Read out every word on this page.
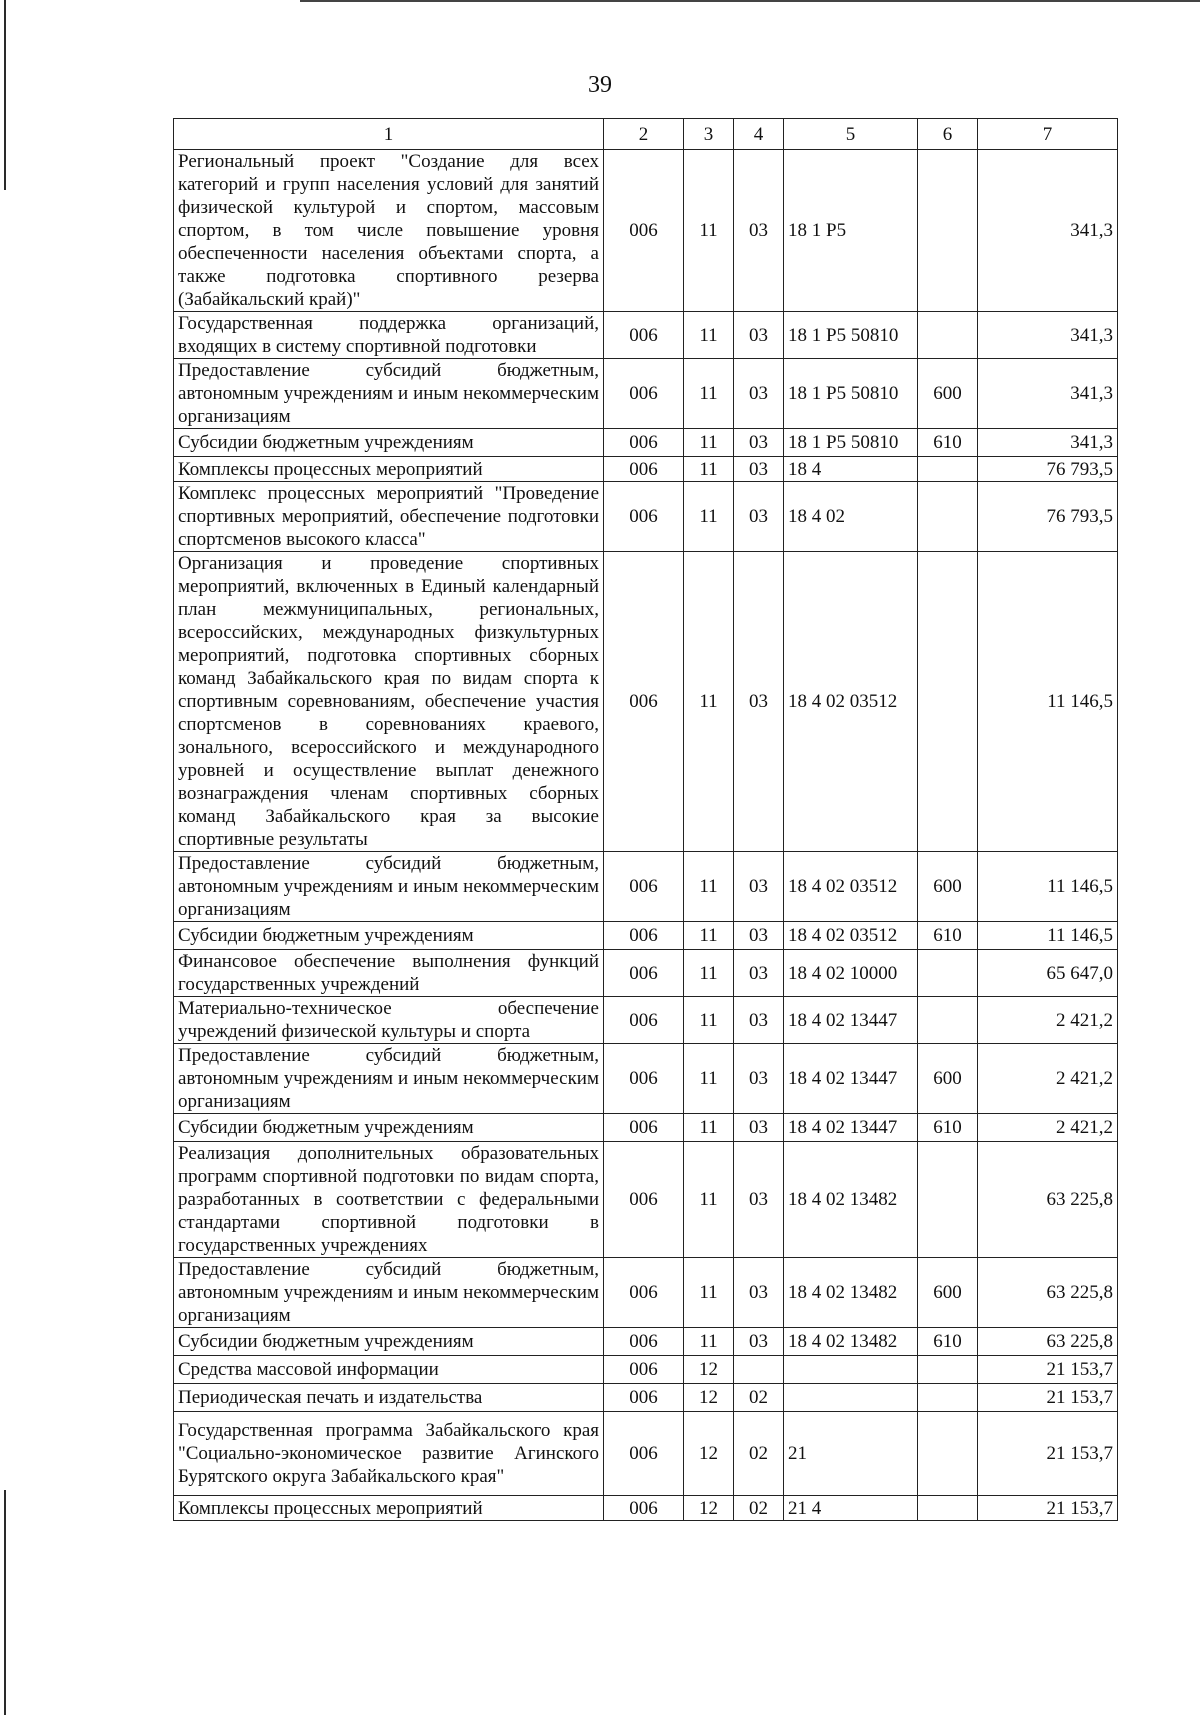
39
1	2	3	4	5	6	7
Региональный проект "Создание для всех категорий и групп населения условий для занятий физической культурой и спортом, массовым спортом, в том числе повышение уровня обеспеченности населения объектами спорта, а также подготовка спортивного резерва (Забайкальский край)"	006	11	03	18 1 P5		341,3
Государственная поддержка организаций, входящих в систему спортивной подготовки	006	11	03	18 1 P5 50810		341,3
Предоставление субсидий бюджетным, автономным учреждениям и иным некоммерческим организациям	006	11	03	18 1 P5 50810	600	341,3
Субсидии бюджетным учреждениям	006	11	03	18 1 P5 50810	610	341,3
Комплексы процессных мероприятий	006	11	03	18 4		76 793,5
Комплекс процессных мероприятий "Проведение спортивных мероприятий, обеспечение подготовки спортсменов высокого класса"	006	11	03	18 4 02		76 793,5
Организация и проведение спортивных мероприятий, включенных в Единый календарный план межмуниципальных, региональных, всероссийских, международных физкультурных мероприятий, подготовка спортивных сборных команд Забайкальского края по видам спорта к спортивным соревнованиям, обеспечение участия спортсменов в соревнованиях краевого, зонального, всероссийского и международного уровней и осуществление выплат денежного вознаграждения членам спортивных сборных команд Забайкальского края за высокие спортивные результаты	006	11	03	18 4 02 03512		11 146,5
Предоставление субсидий бюджетным, автономным учреждениям и иным некоммерческим организациям	006	11	03	18 4 02 03512	600	11 146,5
Субсидии бюджетным учреждениям	006	11	03	18 4 02 03512	610	11 146,5
Финансовое обеспечение выполнения функций государственных учреждений	006	11	03	18 4 02 10000		65 647,0
Материально-техническое обеспечение учреждений физической культуры и спорта	006	11	03	18 4 02 13447		2 421,2
Предоставление субсидий бюджетным, автономным учреждениям и иным некоммерческим организациям	006	11	03	18 4 02 13447	600	2 421,2
Субсидии бюджетным учреждениям	006	11	03	18 4 02 13447	610	2 421,2
Реализация дополнительных образовательных программ спортивной подготовки по видам спорта, разработанных в соответствии с федеральными стандартами спортивной подготовки в государственных учреждениях	006	11	03	18 4 02 13482		63 225,8
Предоставление субсидий бюджетным, автономным учреждениям и иным некоммерческим организациям	006	11	03	18 4 02 13482	600	63 225,8
Субсидии бюджетным учреждениям	006	11	03	18 4 02 13482	610	63 225,8
Средства массовой информации	006	12				21 153,7
Периодическая печать и издательства	006	12	02			21 153,7
Государственная программа Забайкальского края "Социально-экономическое развитие Агинского Бурятского округа Забайкальского края"	006	12	02	21		21 153,7
Комплексы процессных мероприятий	006	12	02	21 4		21 153,7
